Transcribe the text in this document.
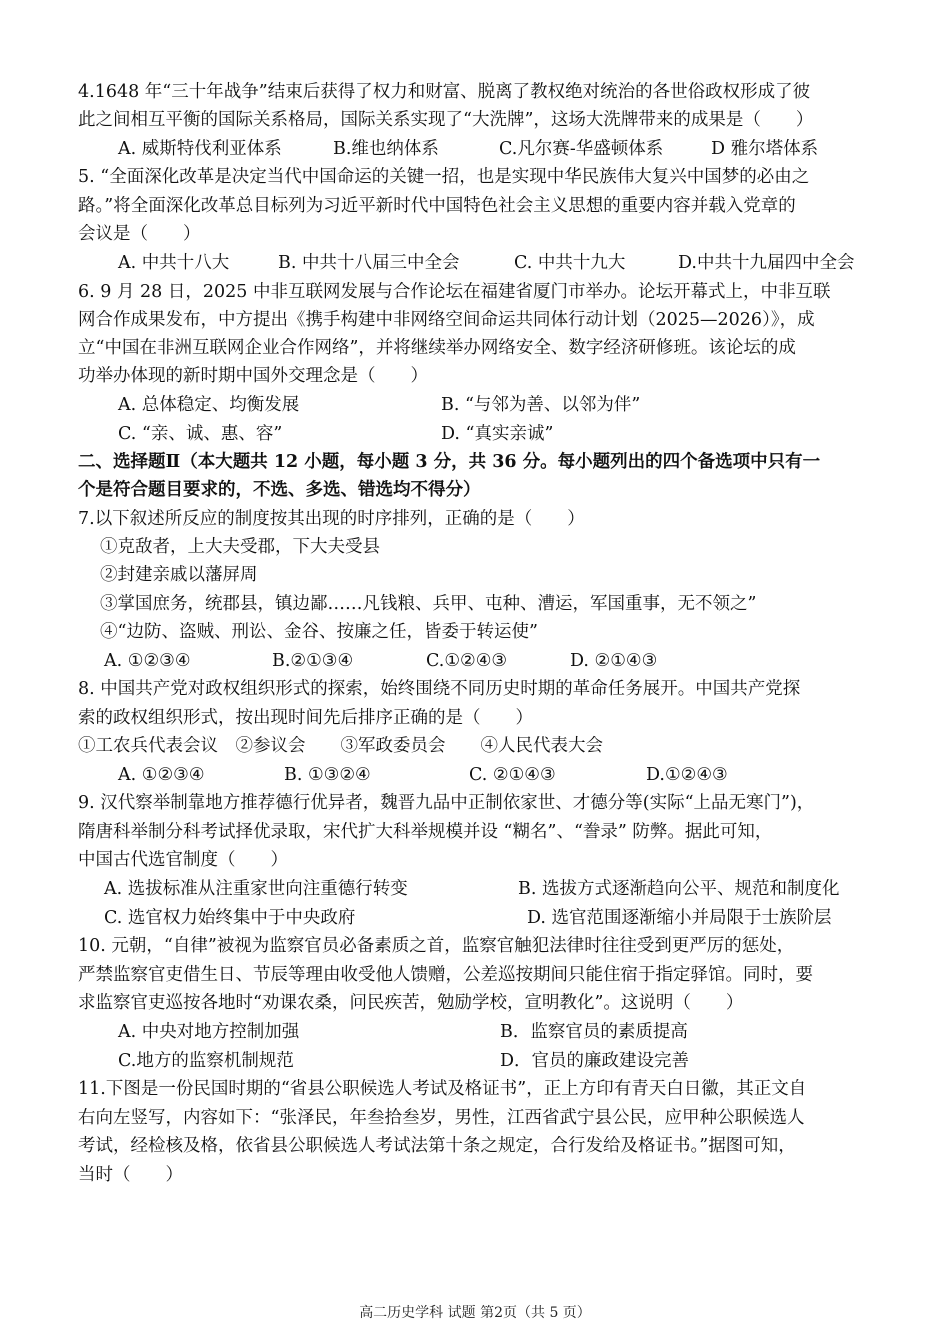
4.1648 年“三十年战争”结束后获得了权力和财富、脱离了教权绝对统治的各世俗政权形成了彼
此之间相互平衡的国际关系格局，国际关系实现了“大洗牌”，这场大洗牌带来的成果是（　　）
A. 威斯特伐利亚体系	B.维也纳体系	C.凡尔赛-华盛顿体系	D 雅尔塔体系
5. “全面深化改革是决定当代中国命运的关键一招，也是实现中华民族伟大复兴中国梦的必由之
路。”将全面深化改革总目标列为习近平新时代中国特色社会主义思想的重要内容并载入党章的
会议是（　　）
A. 中共十八大	B. 中共十八届三中全会	C. 中共十九大	D.中共十九届四中全会
6. 9 月 28 日，2025 中非互联网发展与合作论坛在福建省厦门市举办。论坛开幕式上，中非互联
网合作成果发布，中方提出《携手构建中非网络空间命运共同体行动计划（2025—2026）》，成
立“中国在非洲互联网企业合作网络”，并将继续举办网络安全、数字经济研修班。该论坛的成
功举办体现的新时期中国外交理念是（　　）
A. 总体稳定、均衡发展	B. “与邻为善、以邻为伴”
C. “亲、诚、惠、容”	D. “真实亲诚”
二、选择题Ⅱ（本大题共 12 小题，每小题 3 分，共 36 分。每小题列出的四个备选项中只有一
个是符合题目要求的，不选、多选、错选均不得分）
7.以下叙述所反应的制度按其出现的时序排列，正确的是（　　）
①克敌者，上大夫受郡，下大夫受县
②封建亲戚以藩屏周
③掌国庶务，统郡县，镇边鄙……凡钱粮、兵甲、屯种、漕运，军国重事，无不领之”
④“边防、盗贼、刑讼、金谷、按廉之任，皆委于转运使”
A. ①②③④	B.②①③④	C.①②④③	D. ②①④③
8. 中国共产党对政权组织形式的探索，始终围绕不同历史时期的革命任务展开。中国共产党探
索的政权组织形式，按出现时间先后排序正确的是（　　）
①工农兵代表会议　②参议会　　③军政委员会　　④人民代表大会
A. ①②③④	B. ①③②④	C. ②①④③	D.①②④③
9. 汉代察举制靠地方推荐德行优异者，魏晋九品中正制依家世、才德分等(实际“上品无寒门”)，
隋唐科举制分科考试择优录取，宋代扩大科举规模并设 “糊名”、“誊录” 防弊。据此可知，
中国古代选官制度（　　）
A. 选拔标准从注重家世向注重德行转变	B. 选拔方式逐渐趋向公平、规范和制度化
C. 选官权力始终集中于中央政府	D. 选官范围逐渐缩小并局限于士族阶层
10. 元朝，“自律”被视为监察官员必备素质之首，监察官触犯法律时往往受到更严厉的惩处，
严禁监察官吏借生日、节辰等理由收受他人馈赠，公差巡按期间只能住宿于指定驿馆。同时，要
求监察官吏巡按各地时“劝课农桑，问民疾苦，勉励学校，宣明教化”。这说明（　　）
A. 中央对地方控制加强	B．监察官员的素质提高
C.地方的监察机制规范	D．官员的廉政建设完善
11.下图是一份民国时期的“省县公职候选人考试及格证书”，正上方印有青天白日徽，其正文自
右向左竖写，内容如下：“张泽民，年叁拾叁岁，男性，江西省武宁县公民，应甲种公职候选人
考试，经检核及格，依省县公职候选人考试法第十条之规定，合行发给及格证书。”据图可知，
当时（　　）
高二历史学科 试题 第2页（共 5 页）
